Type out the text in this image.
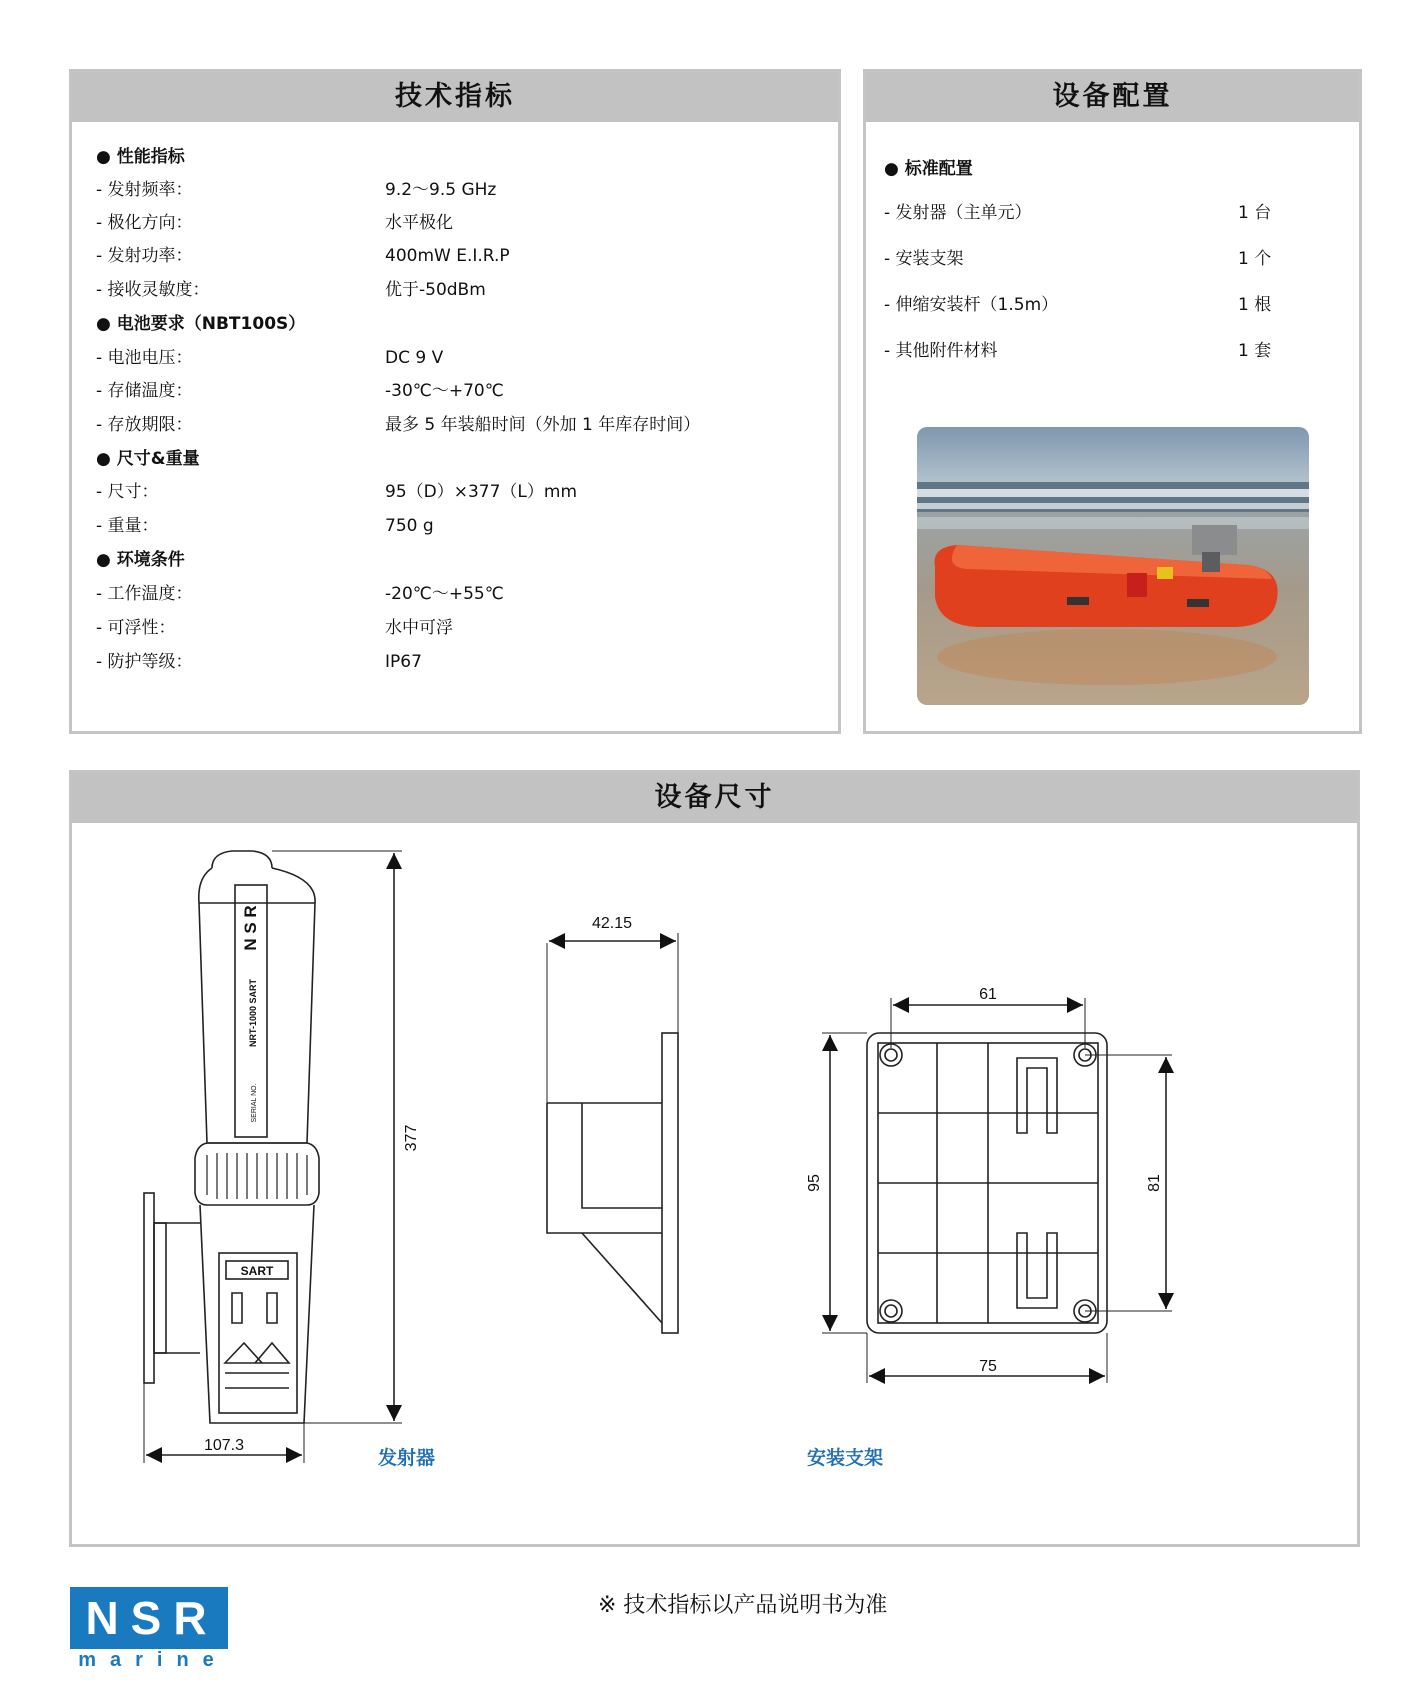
技术指标
● 性能指标
- 发射频率：	9.2～9.5 GHz
- 极化方向：	水平极化
- 发射功率：	400mW E.I.R.P
- 接收灵敏度：	优于-50dBm
● 电池要求（NBT100S）
- 电池电压：	DC 9 V
- 存储温度：	-30℃～+70℃
- 存放期限：	最多 5 年装船时间（外加 1 年库存时间）
● 尺寸&重量
- 尺寸：	95（D）×377（L）mm
- 重量：	750 g
● 环境条件
- 工作温度：	-20℃～+55℃
- 可浮性：	水中可浮
- 防护等级：	IP67
设备配置
● 标准配置
- 发射器（主单元）	1 台
- 安装支架	1 个
- 伸缩安装杆（1.5m）	1 根
- 其他附件材料	1 套
设备尺寸
N S R
NRT-1000 SART
SERIAL NO.
SART
377
107.3
42.15
61
75
95	81
发射器	安装支架
NSR
marine
※ 技术指标以产品说明书为准
